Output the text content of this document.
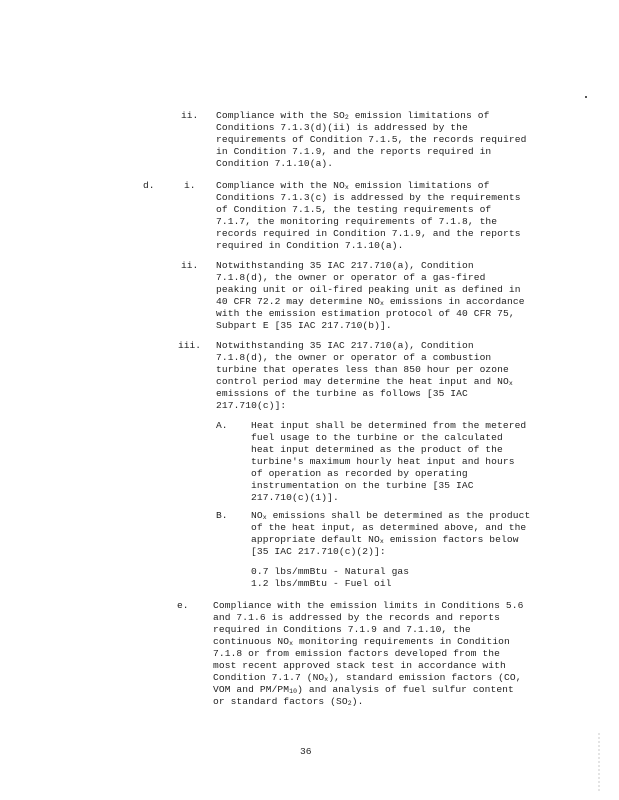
ii. Compliance with the $SO_2$ emission limitations of
Conditions 7.1.3(d)(ii) is addressed by the
requirements of Condition 7.1.5, the records required
in Condition 7.1.9, and the reports required in
Condition 7.1.10(a).
d.	i. Compliance with the $NO_x$ emission limitations of
Conditions 7.1.3(c) is addressed by the requirements
of Condition 7.1.5, the testing requirements of
7.1.7, the monitoring requirements of 7.1.8, the
records required in Condition 7.1.9, and the reports
required in Condition 7.1.10(a).
ii. Notwithstanding 35 IAC 217.710(a), Condition
7.1.8(d), the owner or operator of a gas-fired
peaking unit or oil-fired peaking unit as defined in
40 CFR 72.2 may determine $NO_x$ emissions in accordance
with the emission estimation protocol of 40 CFR 75,
Subpart E [35 IAC 217.710(b)].
iii. Notwithstanding 35 IAC 217.710(a), Condition
7.1.8(d), the owner or operator of a combustion
turbine that operates less than 850 hour per ozone
control period may determine the heat input and $NO_x$
emissions of the turbine as follows [35 IAC
217.710(c)]:
A. Heat input shall be determined from the metered
fuel usage to the turbine or the calculated
heat input determined as the product of the
turbine's maximum hourly heat input and hours
of operation as recorded by operating
instrumentation on the turbine [35 IAC
217.710(c)(1)].
B. $NO_x$ emissions shall be determined as the product
of the heat input, as determined above, and the
appropriate default $NO_x$ emission factors below
[35 IAC 217.710(c)(2)]:
0.7 lbs/mmBtu - Natural gas
1.2 lbs/mmBtu - Fuel oil
e.	Compliance with the emission limits in Conditions 5.6
and 7.1.6 is addressed by the records and reports
required in Conditions 7.1.9 and 7.1.10, the
continuous $NO_x$ monitoring requirements in Condition
7.1.8 or from emission factors developed from the
most recent approved stack test in accordance with
Condition 7.1.7 $(NO_x)$, standard emission factors (CO,
VOM and $PM/PM_{10}$) and analysis of fuel sulfur content
or standard factors $(SO_2)$.
36
